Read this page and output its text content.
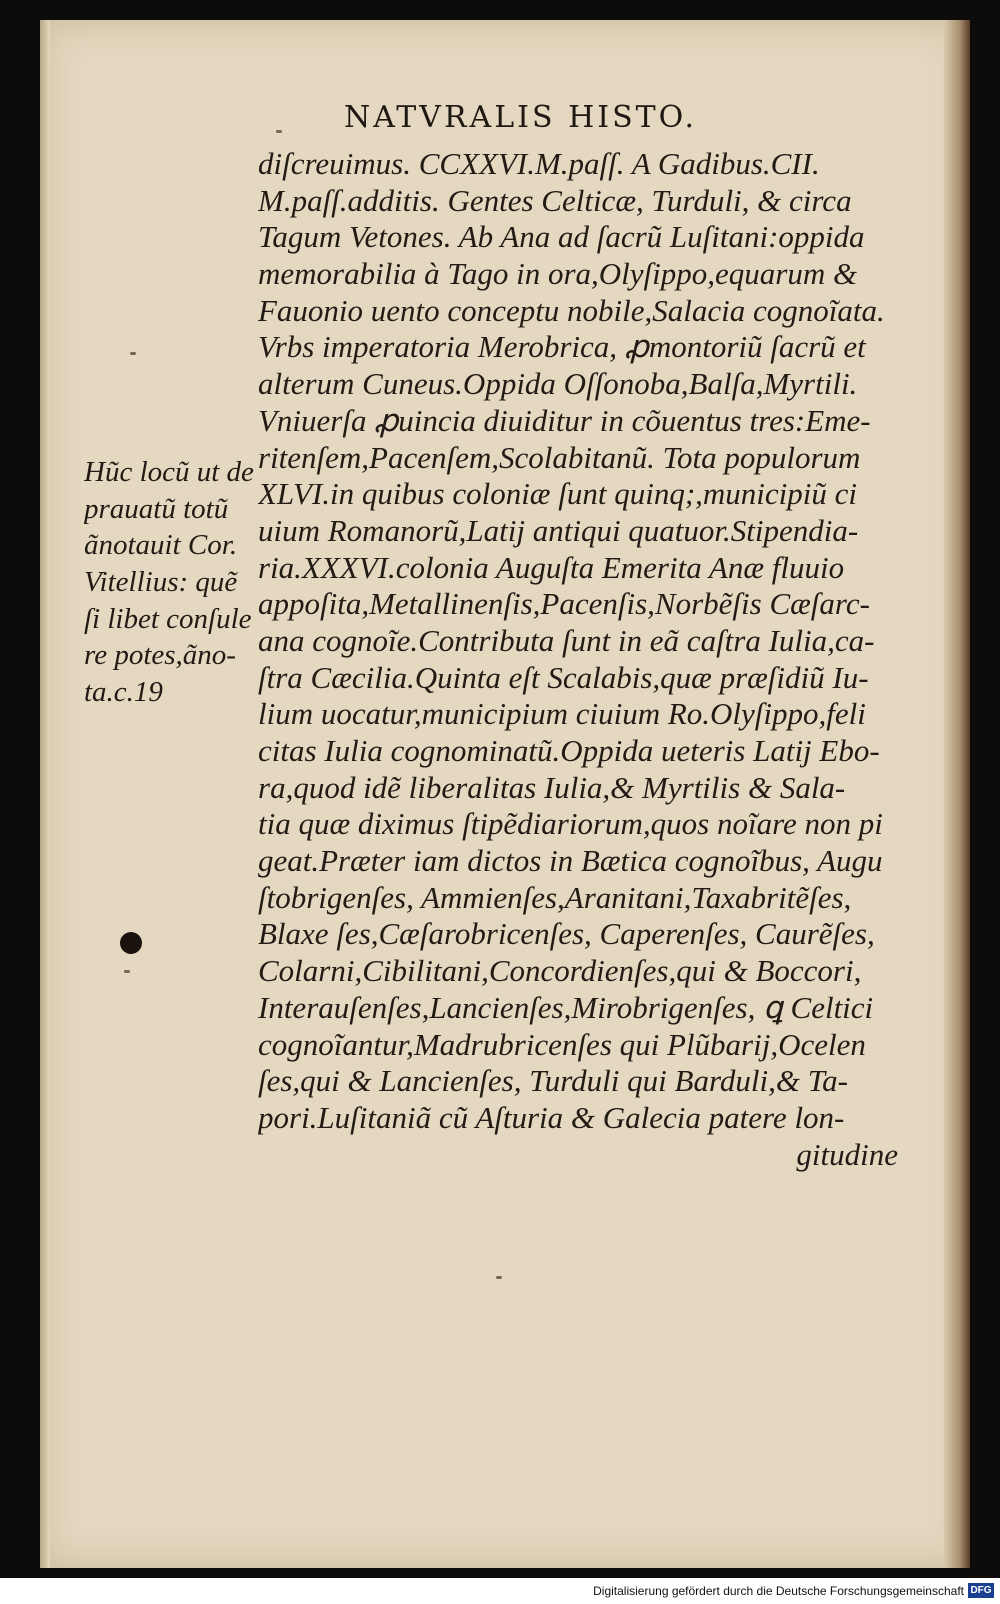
NATVRALIS HISTO.
Hũc locũ ut de
prauatũ totũ
ãnotauit Cor.
Vitellius: quẽ
ſi libet conſule
re potes,ãno-
ta.c.19
diſcreuimus. CCXXVI.M.paſſ. A Gadibus.CII.
M.paſſ.additis. Gentes Celticæ, Turduli, & circa
Tagum Vetones. Ab Ana ad ſacrũ Luſitani:oppida
memorabilia à Tago in ora,Olyſippo,equarum &
Fauonio uento conceptu nobile,Salacia cognoĩata.
Vrbs imperatoria Merobrica, ꝓmontoriũ ſacrũ et
alterum Cuneus.Oppida Oſſonoba,Balſa,Myrtili.
Vniuerſa ꝓuincia diuiditur in cõuentus tres:Eme-
ritenſem,Pacenſem,Scolabitanũ. Tota populorum
XLVI.in quibus coloniæ ſunt quinq;,municipiũ ci
uium Romanorũ,Latij antiqui quatuor.Stipendia-
ria.XXXVI.colonia Auguſta Emerita Anæ fluuio
appoſita,Metallinenſis,Pacenſis,Norbẽſis Cæſarc-
ana cognoĩe.Contributa ſunt in eã caſtra Iulia,ca-
ſtra Cæcilia.Quinta eſt Scalabis,quæ præſidiũ Iu-
lium uocatur,municipium ciuium Ro.Olyſippo,feli
citas Iulia cognominatũ.Oppida ueteris Latij Ebo-
ra,quod idẽ liberalitas Iulia,& Myrtilis & Sala-
tia quæ diximus ſtipẽdiariorum,quos noĩare non pi
geat.Præter iam dictos in Bætica cognoĩbus, Augu
ſtobrigenſes, Ammienſes,Aranitani,Taxabritẽſes,
Blaxe ſes,Cæſarobricenſes, Caperenſes, Caurẽſes,
Colarni,Cibilitani,Concordienſes,qui & Boccori,
Interauſenſes,Lancienſes,Mirobrigenſes, ꝗ Celtici
cognoĩantur,Madrubricenſes qui Plũbarij,Ocelen
ſes,qui & Lancienſes, Turduli qui Barduli,& Ta-
pori.Luſitaniã cũ Aſturia & Galecia patere lon-
gitudine
Digitalisierung gefördert durch die Deutsche Forschungsgemeinschaft DFG
